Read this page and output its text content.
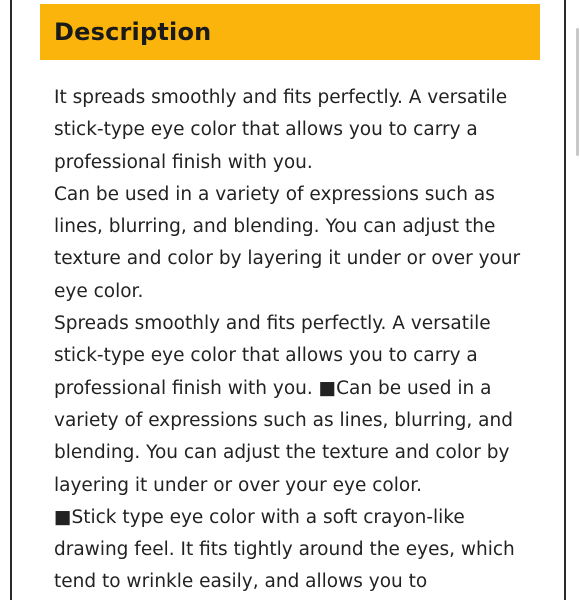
Description

It spreads smoothly and fits perfectly. A versatile stick-type eye color that allows you to carry a professional finish with you.

Can be used in a variety of expressions such as lines, blurring, and blending. You can adjust the texture and color by layering it under or over your eye color.

Spreads smoothly and fits perfectly. A versatile stick-type eye color that allows you to carry a professional finish with you. ■Can be used in a variety of expressions such as lines, blurring, and blending. You can adjust the texture and color by layering it under or over your eye color.

■Stick type eye color with a soft crayon-like drawing feel. It fits tightly around the eyes, which tend to wrinkle easily, and allows you to
